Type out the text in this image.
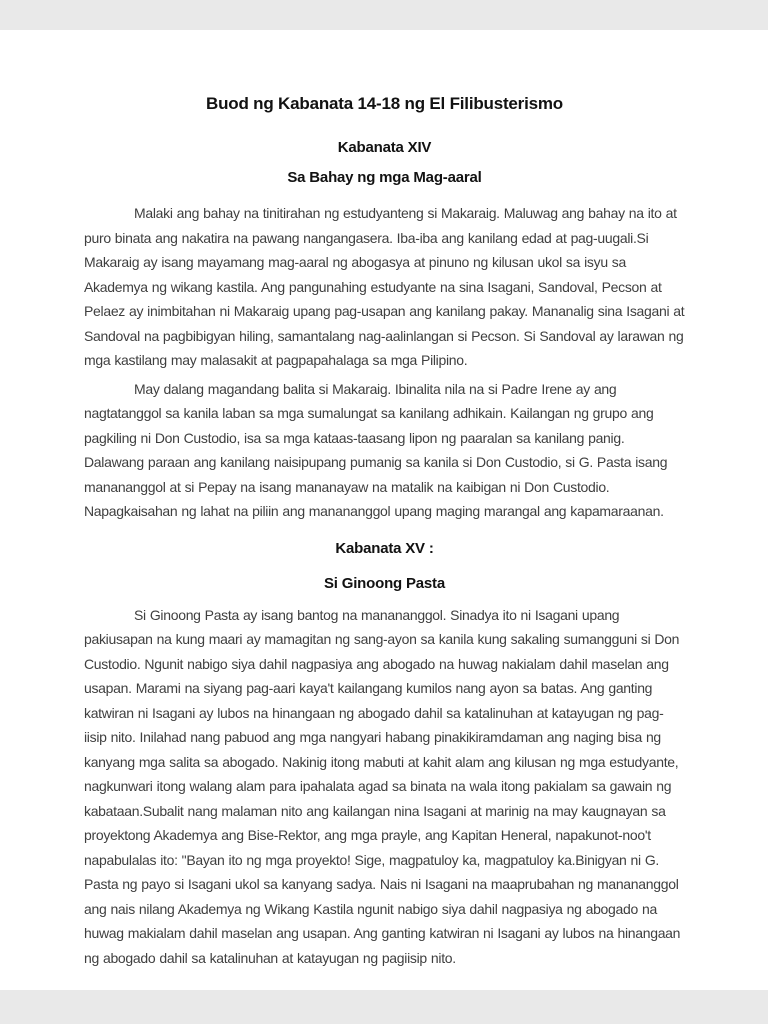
Buod ng Kabanata 14-18 ng El Filibusterismo
Kabanata XIV
Sa Bahay ng mga Mag-aaral

Malaki ang bahay na tinitirahan ng estudyanteng si Makaraig. Maluwag ang bahay na ito at puro binata ang nakatira na pawang nangangasera. Iba-iba ang kanilang edad at pag-uugali.Si Makaraig ay isang mayamang mag-aaral ng abogasya at pinuno ng kilusan ukol sa isyu sa Akademya ng wikang kastila. Ang pangunahing estudyante na sina Isagani, Sandoval, Pecson at Pelaez ay inimbitahan ni Makaraig upang pag-usapan ang kanilang pakay. Mananalig sina Isagani at Sandoval na pagbibigyan hiling, samantalang nag-aalinlangan si Pecson. Si Sandoval ay larawan ng mga kastilang may malasakit at pagpapahalaga sa mga Pilipino.

May dalang magandang balita si Makaraig. Ibinalita nila na si Padre Irene ay ang nagtatanggol sa kanila laban sa mga sumalungat sa kanilang adhikain. Kailangan ng grupo ang pagkiling ni Don Custodio, isa sa mga kataas-taasang lipon ng paaralan sa kanilang panig. Dalawang paraan ang kanilang naisipupang pumanig sa kanila si Don Custodio, si G. Pasta isang manananggol at si Pepay na isang mananayaw na matalik na kaibigan ni Don Custodio. Napagkaisahan ng lahat na piliin ang manananggol upang maging marangal ang kapamaraanan.

Kabanata XV :
Si Ginoong Pasta

Si Ginoong Pasta ay isang bantog na manananggol. Sinadya ito ni Isagani upang pakiusapan na kung maari ay mamagitan ng sang-ayon sa kanila kung sakaling sumangguni si Don Custodio. Ngunit nabigo siya dahil nagpasiya ang abogado na huwag nakialam dahil maselan ang usapan. Marami na siyang pag-aari kaya't kailangang kumilos nang ayon sa batas. Ang ganting katwiran ni Isagani ay lubos na hinangaan ng abogado dahil sa katalinuhan at katayugan ng pag-iisip nito. Inilahad nang pabuod ang mga nangyari habang pinakikiramdaman ang naging bisa ng kanyang mga salita sa abogado. Nakinig itong mabuti at kahit alam ang kilusan ng mga estudyante, nagkunwari itong walang alam para ipahalata agad sa binata na wala itong pakialam sa gawain ng kabataan.Subalit nang malaman nito ang kailangan nina Isagani at marinig na may kaugnayan sa proyektong Akademya ang Bise-Rektor, ang mga prayle, ang Kapitan Heneral, napakunot-noo't napabulalas ito: "Bayan ito ng mga proyekto! Sige, magpatuloy ka, magpatuloy ka.Binigyan ni G. Pasta ng payo si Isagani ukol sa kanyang sadya. Nais ni Isagani na maaprubahan ng manananggol ang nais nilang Akademya ng Wikang Kastila ngunit nabigo siya dahil nagpasiya ng abogado na huwag makialam dahil maselan ang usapan. Ang ganting katwiran ni Isagani ay lubos na hinangaan ng abogado dahil sa katalinuhan at katayugan ng pagiisip nito.
